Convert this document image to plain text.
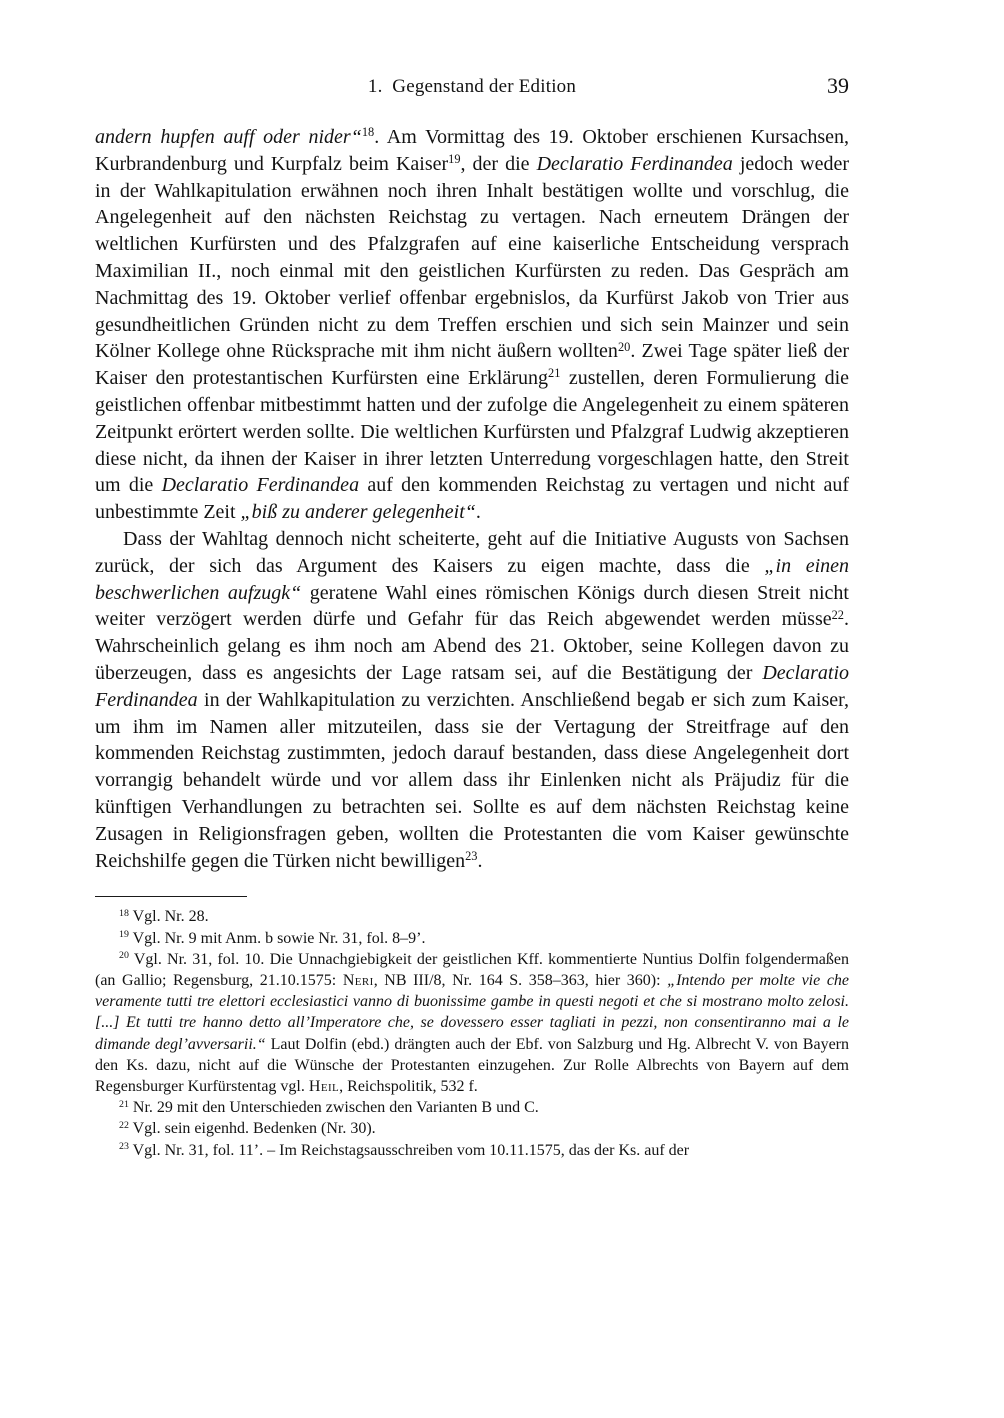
1. Gegenstand der Edition	39

andern hupfen auff oder nider“$^{18}$. Am Vormittag des 19. Oktober erschienen Kursachsen, Kurbrandenburg und Kurpfalz beim Kaiser$^{19}$, der die Declaratio Ferdinandea jedoch weder in der Wahlkapitulation erwähnen noch ihren Inhalt bestätigen wollte und vorschlug, die Angelegenheit auf den nächsten Reichstag zu vertagen. Nach erneutem Drängen der weltlichen Kurfürsten und des Pfalzgrafen auf eine kaiserliche Entscheidung versprach Maximilian II., noch einmal mit den geistlichen Kurfürsten zu reden. Das Gespräch am Nachmittag des 19. Oktober verlief offenbar ergebnislos, da Kurfürst Jakob von Trier aus gesundheitlichen Gründen nicht zu dem Treffen erschien und sich sein Mainzer und sein Kölner Kollege ohne Rücksprache mit ihm nicht äußern wollten$^{20}$. Zwei Tage später ließ der Kaiser den protestantischen Kurfürsten eine Erklärung$^{21}$ zustellen, deren Formulierung die geistlichen offenbar mitbestimmt hatten und der zufolge die Angelegenheit zu einem späteren Zeitpunkt erörtert werden sollte. Die weltlichen Kurfürsten und Pfalzgraf Ludwig akzeptieren diese nicht, da ihnen der Kaiser in ihrer letzten Unterredung vorgeschlagen hatte, den Streit um die Declaratio Ferdinandea auf den kommenden Reichstag zu vertagen und nicht auf unbestimmte Zeit „biß zu anderer gelegenheit“.

Dass der Wahltag dennoch nicht scheiterte, geht auf die Initiative Augusts von Sachsen zurück, der sich das Argument des Kaisers zu eigen machte, dass die „in einen beschwerlichen aufzugk“ geratene Wahl eines römischen Königs durch diesen Streit nicht weiter verzögert werden dürfe und Gefahr für das Reich abgewendet werden müsse$^{22}$. Wahrscheinlich gelang es ihm noch am Abend des 21. Oktober, seine Kollegen davon zu überzeugen, dass es angesichts der Lage ratsam sei, auf die Bestätigung der Declaratio Ferdinandea in der Wahlkapitulation zu verzichten. Anschließend begab er sich zum Kaiser, um ihm im Namen aller mitzuteilen, dass sie der Vertagung der Streitfrage auf den kommenden Reichstag zustimmten, jedoch darauf bestanden, dass diese Angelegenheit dort vorrangig behandelt würde und vor allem dass ihr Einlenken nicht als Präjudiz für die künftigen Verhandlungen zu betrachten sei. Sollte es auf dem nächsten Reichstag keine Zusagen in Religionsfragen geben, wollten die Protestanten die vom Kaiser gewünschte Reichshilfe gegen die Türken nicht bewilligen$^{23}$.

$^{18}$ Vgl. Nr. 28.

$^{19}$ Vgl. Nr. 9 mit Anm. b sowie Nr. 31, fol. 8–9’.

$^{20}$ Vgl. Nr. 31, fol. 10. Die Unnachgiebigkeit der geistlichen Kff. kommentierte Nuntius Dolfin folgendermaßen (an Gallio; Regensburg, 21.10.1575: Neri, NB III/8, Nr. 164 S. 358–363, hier 360): „Intendo per molte vie che veramente tutti tre elettori ecclesiastici vanno di buonissime gambe in questi negoti et che si mostrano molto zelosi. [...] Et tutti tre hanno detto all’Imperatore che, se dovessero esser tagliati in pezzi, non consentiranno mai a le dimande degl’avversarii.“ Laut Dolfin (ebd.) drängten auch der Ebf. von Salzburg und Hg. Albrecht V. von Bayern den Ks. dazu, nicht auf die Wünsche der Protestanten einzugehen. Zur Rolle Albrechts von Bayern auf dem Regensburger Kurfürstentag vgl. Heil, Reichspolitik, 532 f.

$^{21}$ Nr. 29 mit den Unterschieden zwischen den Varianten B und C.

$^{22}$ Vgl. sein eigenhd. Bedenken (Nr. 30).

$^{23}$ Vgl. Nr. 31, fol. 11’. – Im Reichstagsausschreiben vom 10.11.1575, das der Ks. auf der
